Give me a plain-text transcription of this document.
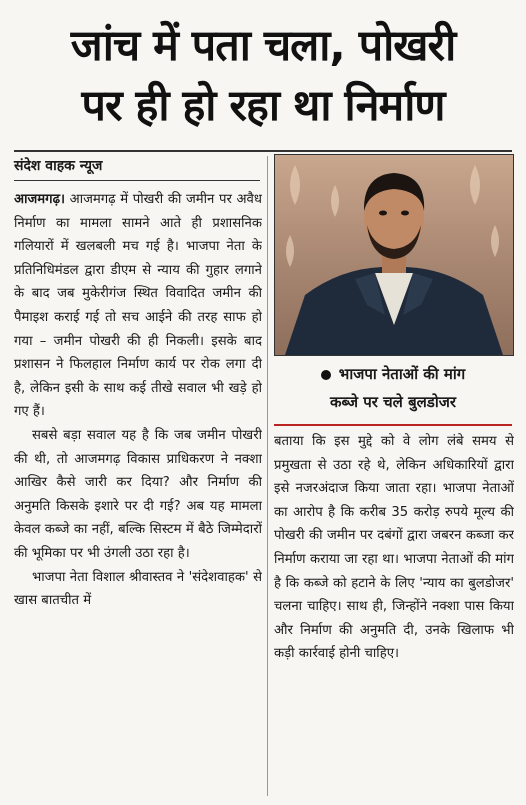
जांच में पता चला, पोखरी
पर ही हो रहा था निर्माण
संदेश वाहक न्यूज

आजमगढ़। आजमगढ़ में पोखरी की जमीन पर अवैध निर्माण का मामला सामने आते ही प्रशासनिक गलियारों में खलबली मच गई है। भाजपा नेता के प्रतिनिधिमंडल द्वारा डीएम से न्याय की गुहार लगाने के बाद जब मुकेरीगंज स्थित विवादित जमीन की पैमाइश कराई गई तो सच आईने की तरह साफ हो गया – जमीन पोखरी की ही निकली। इसके बाद प्रशासन ने फिलहाल निर्माण कार्य पर रोक लगा दी है, लेकिन इसी के साथ कई तीखे सवाल भी खड़े हो गए हैं।

सबसे बड़ा सवाल यह है कि जब जमीन पोखरी की थी, तो आजमगढ़ विकास प्राधिकरण ने नक्शा आखिर कैसे जारी कर दिया? और निर्माण की अनुमति किसके इशारे पर दी गई? अब यह मामला केवल कब्जे का नहीं, बल्कि सिस्टम में बैठे जिम्मेदारों की भूमिका पर भी उंगली उठा रहा है।

भाजपा नेता विशाल श्रीवास्तव ने 'संदेशवाहक' से खास बातचीत में

भाजपा नेताओं की मांग
कब्जे पर चले बुलडोजर

बताया कि इस मुद्दे को वे लोग लंबे समय से प्रमुखता से उठा रहे थे, लेकिन अधिकारियों द्वारा इसे नजरअंदाज किया जाता रहा। भाजपा नेताओं का आरोप है कि करीब 35 करोड़ रुपये मूल्य की पोखरी की जमीन पर दबंगों द्वारा जबरन कब्जा कर निर्माण कराया जा रहा था। भाजपा नेताओं की मांग है कि कब्जे को हटाने के लिए 'न्याय का बुलडोजर' चलना चाहिए। साथ ही, जिन्होंने नक्शा पास किया और निर्माण की अनुमति दी, उनके खिलाफ भी कड़ी कार्रवाई होनी चाहिए।
